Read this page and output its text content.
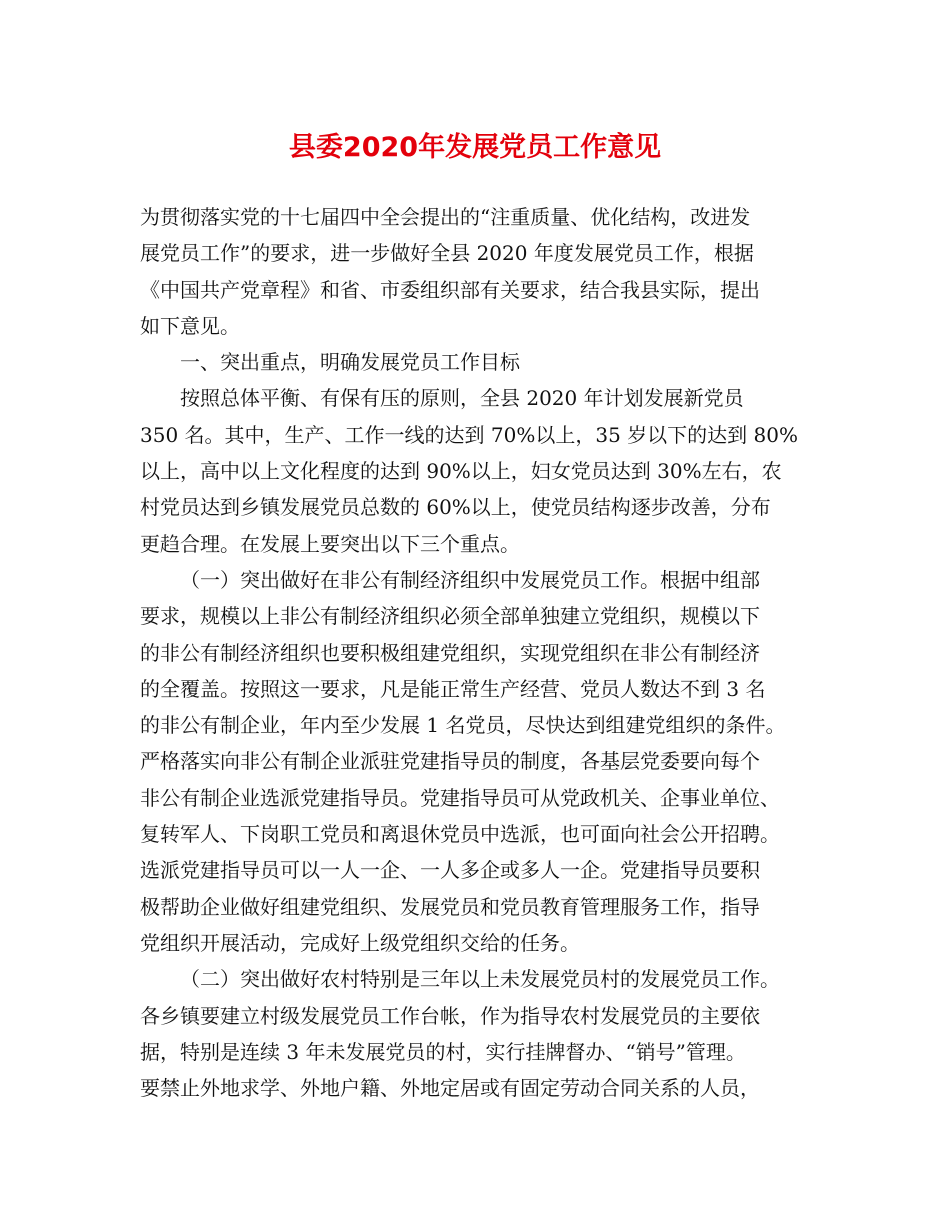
县委2020年发展党员工作意见
为贯彻落实党的十七届四中全会提出的“注重质量、优化结构，改进发
展党员工作”的要求，进一步做好全县 2020 年度发展党员工作，根据
《中国共产党章程》和省、市委组织部有关要求，结合我县实际，提出
如下意见。
一、突出重点，明确发展党员工作目标
按照总体平衡、有保有压的原则，全县 2020 年计划发展新党员
350 名。其中，生产、工作一线的达到 70%以上，35 岁以下的达到 80%
以上，高中以上文化程度的达到 90%以上，妇女党员达到 30%左右，农
村党员达到乡镇发展党员总数的 60%以上，使党员结构逐步改善，分布
更趋合理。在发展上要突出以下三个重点。
（一）突出做好在非公有制经济组织中发展党员工作。根据中组部
要求，规模以上非公有制经济组织必须全部单独建立党组织，规模以下
的非公有制经济组织也要积极组建党组织，实现党组织在非公有制经济
的全覆盖。按照这一要求，凡是能正常生产经营、党员人数达不到 3 名
的非公有制企业，年内至少发展 1 名党员，尽快达到组建党组织的条件。
严格落实向非公有制企业派驻党建指导员的制度，各基层党委要向每个
非公有制企业选派党建指导员。党建指导员可从党政机关、企事业单位、
复转军人、下岗职工党员和离退休党员中选派，也可面向社会公开招聘。
选派党建指导员可以一人一企、一人多企或多人一企。党建指导员要积
极帮助企业做好组建党组织、发展党员和党员教育管理服务工作，指导
党组织开展活动，完成好上级党组织交给的任务。
（二）突出做好农村特别是三年以上未发展党员村的发展党员工作。
各乡镇要建立村级发展党员工作台帐，作为指导农村发展党员的主要依
据，特别是连续 3 年未发展党员的村，实行挂牌督办、“销号”管理。
要禁止外地求学、外地户籍、外地定居或有固定劳动合同关系的人员，
